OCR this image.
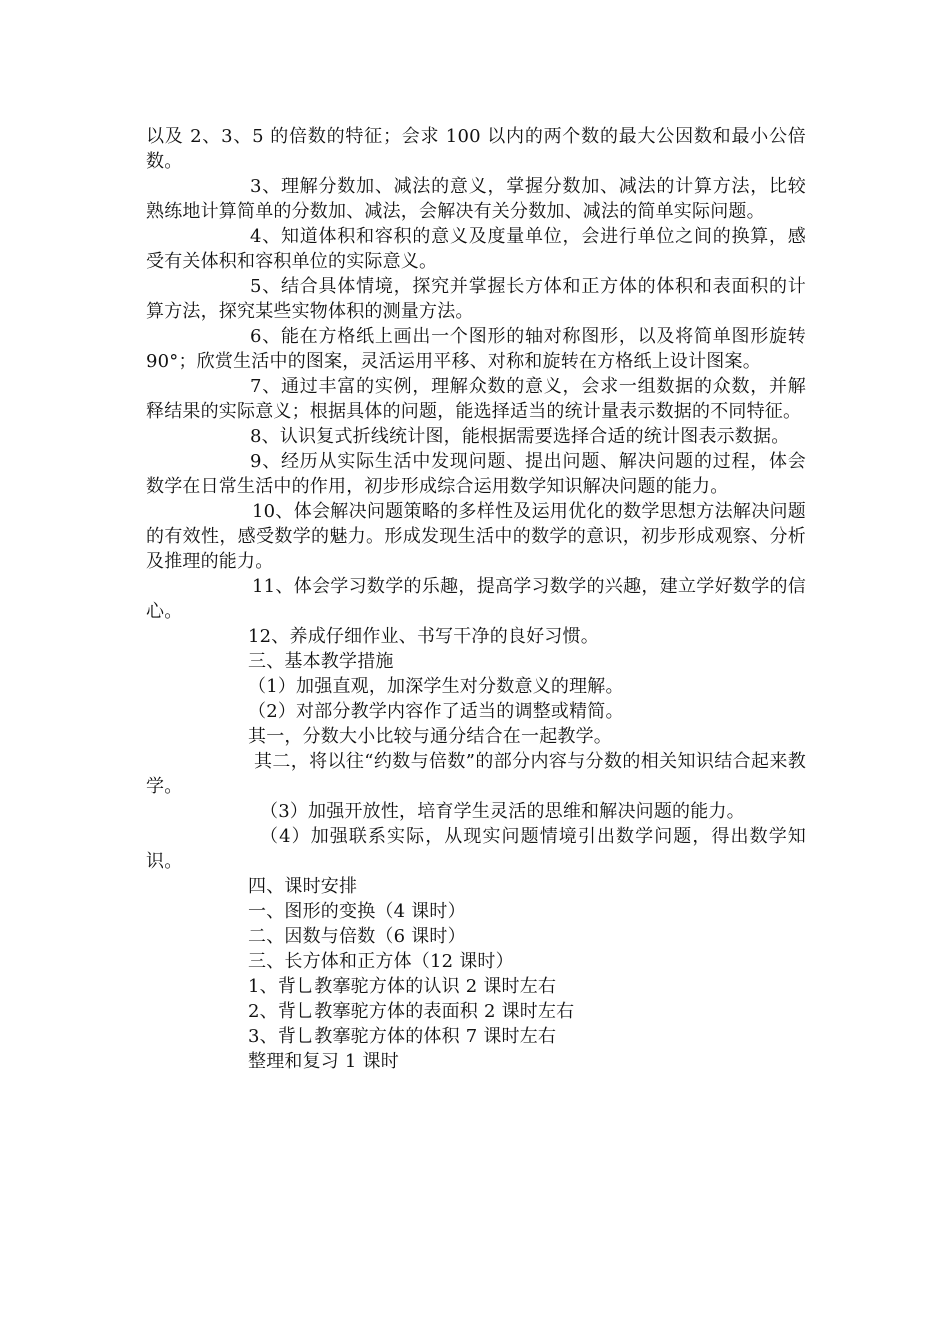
以及 2、3、5 的倍数的特征；会求 100 以内的两个数的最大公因数和最小公倍数。

3、理解分数加、减法的意义，掌握分数加、减法的计算方法，比较熟练地计算简单的分数加、减法，会解决有关分数加、减法的简单实际问题。

4、知道体积和容积的意义及度量单位，会进行单位之间的换算，感受有关体积和容积单位的实际意义。

5、结合具体情境，探究并掌握长方体和正方体的体积和表面积的计算方法，探究某些实物体积的测量方法。

6、能在方格纸上画出一个图形的轴对称图形，以及将简单图形旋转 90°；欣赏生活中的图案，灵活运用平移、对称和旋转在方格纸上设计图案。

7、通过丰富的实例，理解众数的意义，会求一组数据的众数，并解释结果的实际意义；根据具体的问题，能选择适当的统计量表示数据的不同特征。

8、认识复式折线统计图，能根据需要选择合适的统计图表示数据。

9、经历从实际生活中发现问题、提出问题、解决问题的过程，体会数学在日常生活中的作用，初步形成综合运用数学知识解决问题的能力。

10、体会解决问题策略的多样性及运用优化的数学思想方法解决问题的有效性，感受数学的魅力。形成发现生活中的数学的意识，初步形成观察、分析及推理的能力。

11、体会学习数学的乐趣，提高学习数学的兴趣，建立学好数学的信心。

12、养成仔细作业、书写干净的良好习惯。

三、基本教学措施

（1）加强直观，加深学生对分数意义的理解。

（2）对部分教学内容作了适当的调整或精简。

其一，分数大小比较与通分结合在一起教学。

其二，将以往“约数与倍数”的部分内容与分数的相关知识结合起来教学。

（3）加强开放性，培育学生灵活的思维和解决问题的能力。

（4）加强联系实际，从现实问题情境引出数学问题，得出数学知识。

四、课时安排

一、图形的变换（4 课时）

二、因数与倍数（6 课时）

三、长方体和正方体（12 课时）

1、背乚教搴驼方体的认识 2 课时左右

2、背乚教搴驼方体的表面积 2 课时左右

3、背乚教搴驼方体的体积 7 课时左右

整理和复习 1 课时
